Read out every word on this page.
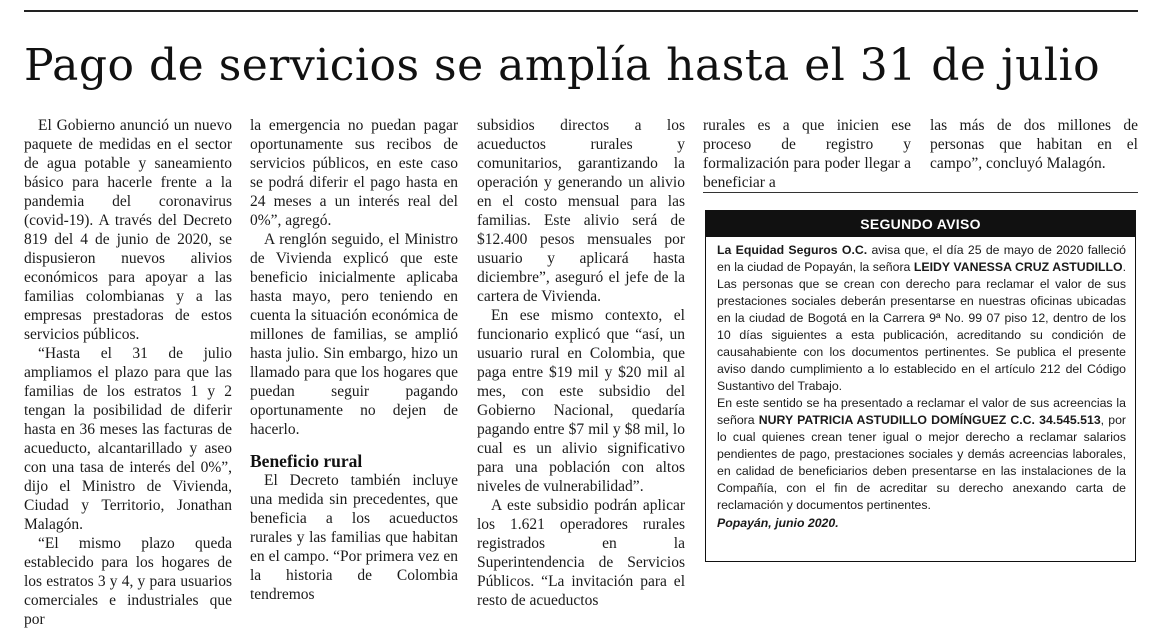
Pago de servicios se amplía hasta el 31 de julio

El Gobierno anunció un nuevo paquete de medidas en el sector de agua potable y saneamiento básico para hacerle frente a la pandemia del coronavirus (covid-19). A través del Decreto 819 del 4 de junio de 2020, se dispusieron nuevos alivios económicos para apoyar a las familias colombianas y a las empresas prestadoras de estos servicios públicos.

“Hasta el 31 de julio ampliamos el plazo para que las familias de los estratos 1 y 2 tengan la posibilidad de diferir hasta en 36 meses las facturas de acueducto, alcantarillado y aseo con una tasa de interés del 0%”, dijo el Ministro de Vivienda, Ciudad y Territorio, Jonathan Malagón.

“El mismo plazo queda establecido para los hogares de los estratos 3 y 4, y para usuarios comerciales e industriales que por

la emergencia no puedan pagar oportunamente sus recibos de servicios públicos, en este caso se podrá diferir el pago hasta en 24 meses a un interés real del 0%”, agregó.

A renglón seguido, el Ministro de Vivienda explicó que este beneficio inicialmente aplicaba hasta mayo, pero teniendo en cuenta la situación económica de millones de familias, se amplió hasta julio. Sin embargo, hizo un llamado para que los hogares que puedan seguir pagando oportunamente no dejen de hacerlo.

Beneficio rural

El Decreto también incluye una medida sin precedentes, que beneficia a los acueductos rurales y las familias que habitan en el campo. “Por primera vez en la historia de Colombia tendremos

subsidios directos a los acueductos rurales y comunitarios, garantizando la operación y generando un alivio en el costo mensual para las familias. Este alivio será de $12.400 pesos mensuales por usuario y aplicará hasta diciembre”, aseguró el jefe de la cartera de Vivienda.

En ese mismo contexto, el funcionario explicó que “así, un usuario rural en Colombia, que paga entre $19 mil y $20 mil al mes, con este subsidio del Gobierno Nacional, quedaría pagando entre $7 mil y $8 mil, lo cual es un alivio significativo para una población con altos niveles de vulnerabilidad”.

A este subsidio podrán aplicar los 1.621 operadores rurales registrados en la Superintendencia de Servicios Públicos. “La invitación para el resto de acueductos

rurales es a que inicien ese proceso de registro y formalización para poder llegar a beneficiar a

las más de dos millones de personas que habitan en el campo”, concluyó Malagón.

SEGUNDO AVISO

La Equidad Seguros O.C. avisa que, el día 25 de mayo de 2020 falleció en la ciudad de Popayán, la señora LEIDY VANESSA CRUZ ASTUDILLO. Las personas que se crean con derecho para reclamar el valor de sus prestaciones sociales deberán presentarse en nuestras oficinas ubicadas en la ciudad de Bogotá en la Carrera 9ª No. 99 07 piso 12, dentro de los 10 días siguientes a esta publicación, acreditando su condición de causahabiente con los documentos pertinentes. Se publica el presente aviso dando cumplimiento a lo establecido en el artículo 212 del Código Sustantivo del Trabajo.

En este sentido se ha presentado a reclamar el valor de sus acreencias la señora NURY PATRICIA ASTUDILLO DOMÍNGUEZ C.C. 34.545.513, por lo cual quienes crean tener igual o mejor derecho a reclamar salarios pendientes de pago, prestaciones sociales y demás acreencias laborales, en calidad de beneficiarios deben presentarse en las instalaciones de la Compañía, con el fin de acreditar su derecho anexando carta de reclamación y documentos pertinentes.

Popayán, junio 2020.
